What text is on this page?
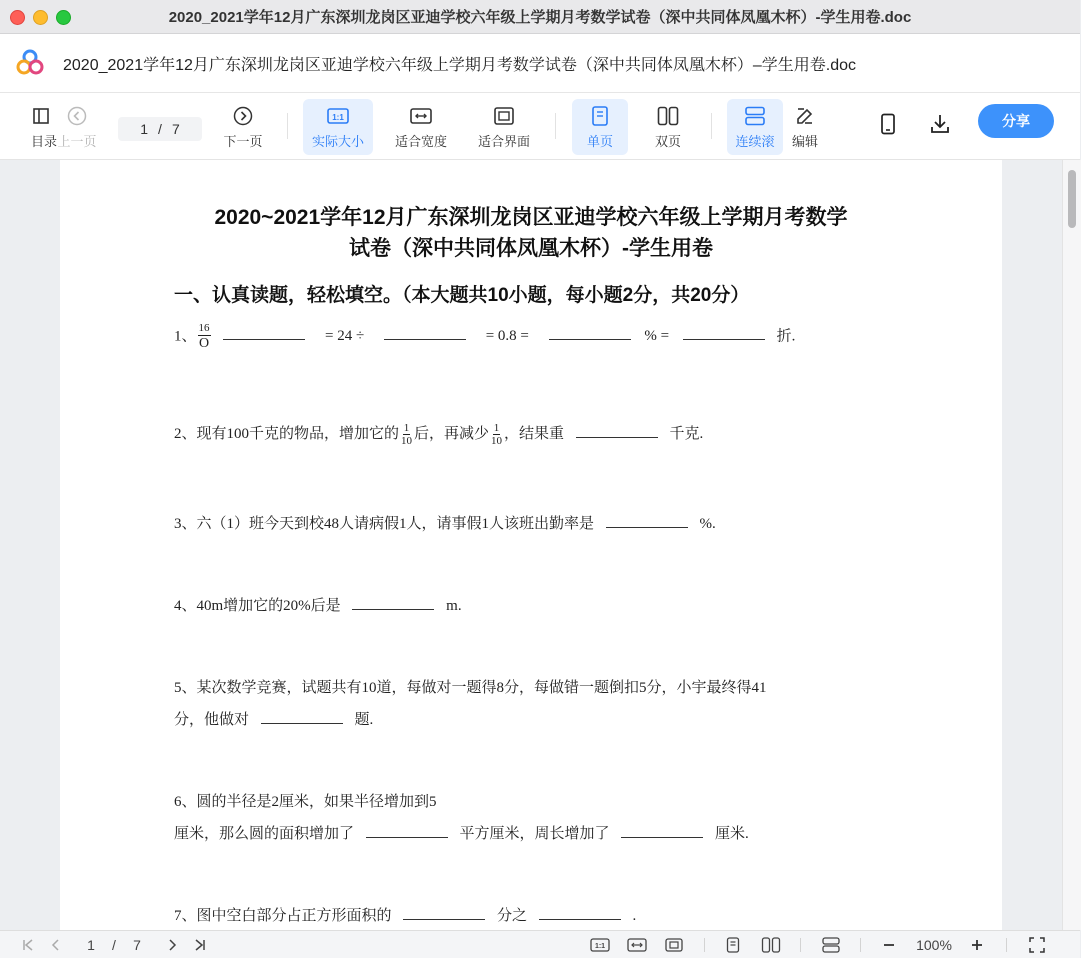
2020_2021学年12月广东深圳龙岗区亚迪学校六年级上学期月考数学试卷（深中共同体凤凰木杯）-学生用卷.doc
2020_2021学年12月广东深圳龙岗区亚迪学校六年级上学期月考数学试卷（深中共同体凤凰木杯）–学生用卷.doc
目录 上一页
1 / 7
下一页
1:1
实际大小 适合宽度 适合界面	单页	双页	连续滚 编辑
分享
2020~2021学年12月广东深圳龙岗区亚迪学校六年级上学期月考数学
试卷（深中共同体凤凰木杯）-学生用卷
一、认真读题，轻松填空。（本大题共10小题，每小题2分，共20分）
1、 $\frac{16}{O}$	= 24 ÷	= 0.8 =	% =	折.
2、现有100千克的物品，增加它的 $\frac{1}{10}$ 后，再减少 $\frac{1}{10}$ ，结果重	千克.
3、六（1）班今天到校48人请病假1人，请事假1人该班出勤率是	%.
4、40m增加它的20%后是	m.
5、某次数学竞赛，试题共有10道，每做对一题得8分，每做错一题倒扣5分，小宇最终得41
分，他做对	题.
6、圆的半径是2厘米，如果半径增加到5
厘米，那么圆的面积增加了	平方厘米，周长增加了	厘米.
7、图中空白部分占正方形面积的	分之	.
1 / 7	1:1	100%
